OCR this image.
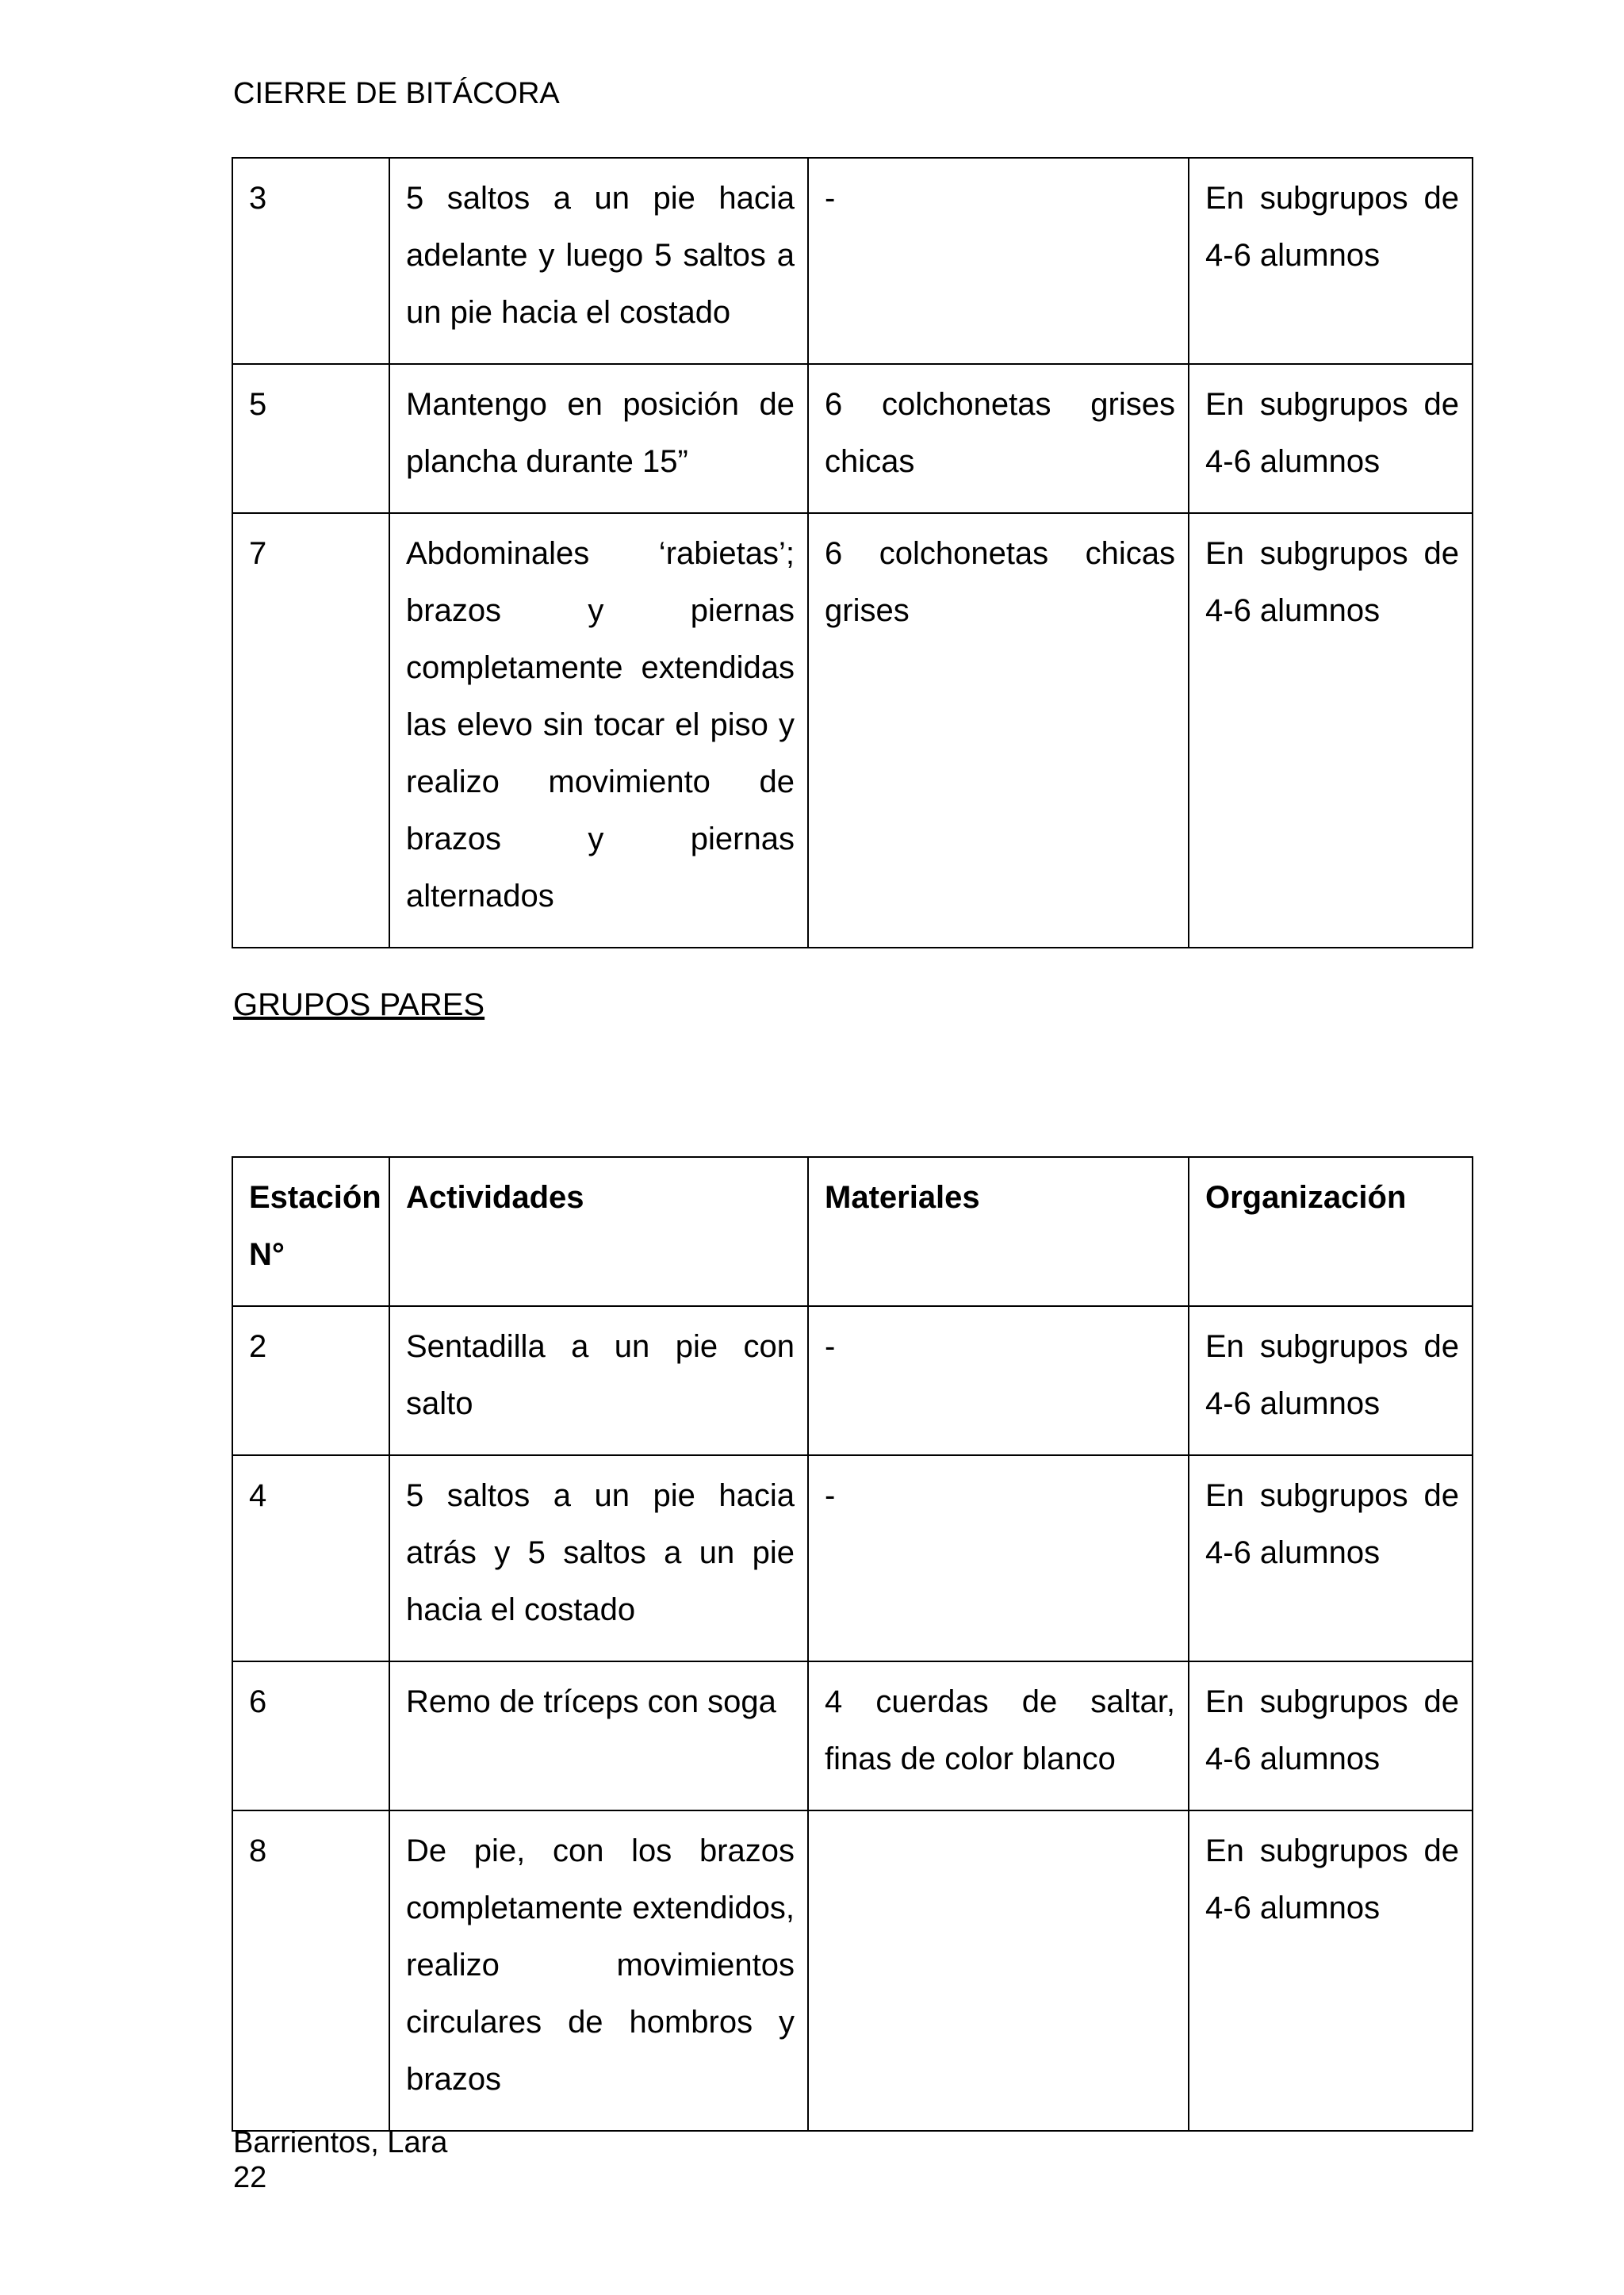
CIERRE DE BITÁCORA
3	5 saltos a un pie hacia adelante y luego 5 saltos a un pie hacia el costado	-	En subgrupos de 4-6 alumnos
5	Mantengo en posición de plancha durante 15”	6 colchonetas grises chicas	En subgrupos de 4-6 alumnos
7	Abdominales ‘rabietas’; brazos y piernas completamente extendidas las elevo sin tocar el piso y realizo movimiento de brazos y piernas alternados	6 colchonetas chicas grises	En subgrupos de 4-6 alumnos
GRUPOS PARES
Estación N°	Actividades	Materiales	Organización
2	Sentadilla a un pie con salto	-	En subgrupos de 4-6 alumnos
4	5 saltos a un pie hacia atrás y 5 saltos a un pie hacia el costado	-	En subgrupos de 4-6 alumnos
6	Remo de tríceps con soga	4 cuerdas de saltar, finas de color blanco	En subgrupos de 4-6 alumnos
8	De pie, con los brazos completamente extendidos, realizo movimientos circulares de hombros y brazos		En subgrupos de 4-6 alumnos
Barrientos, Lara
22
